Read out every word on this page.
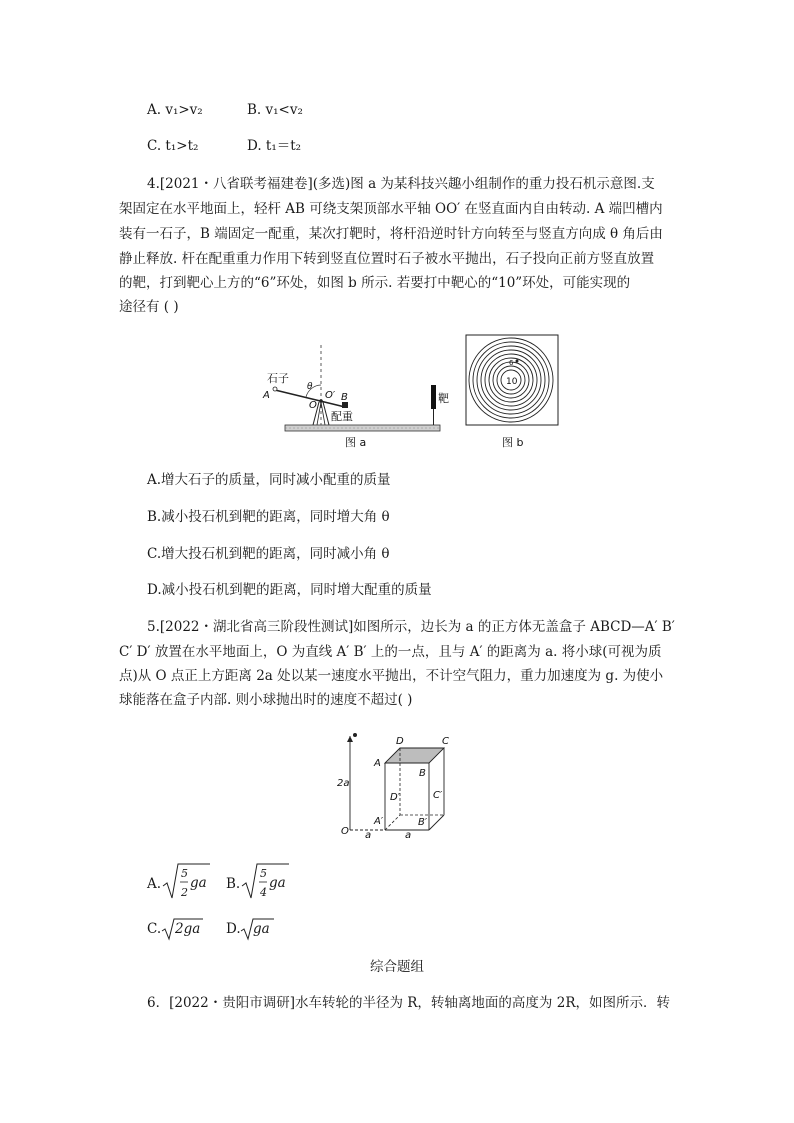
A. v₁>v₂	B. v₁<v₂
C. t₁>t₂	D. t₁＝t₂
4.[2021・八省联考福建卷](多选)图 a 为某科技兴趣小组制作的重力投石机示意图.支
架固定在水平地面上，轻杆 AB 可绕支架顶部水平轴 OO′ 在竖直面内自由转动. A 端凹槽内
装有一石子，B 端固定一配重，某次打靶时，将杆沿逆时针方向转至与竖直方向成 θ 角后由
静止释放. 杆在配重重力作用下转到竖直位置时石子被水平抛出，石子投向正前方竖直放置
的靶，打到靶心上方的“6”环处，如图 b 所示. 若要打中靶心的“10”环处，可能实现的
途径有 ( )
石子
A
θ
O
O′ B
配重
靶
图 a
6
10
图 b
A.增大石子的质量，同时减小配重的质量
B.减小投石机到靶的距离，同时增大角 θ
C.增大投石机到靶的距离，同时减小角 θ
D.减小投石机到靶的距离，同时增大配重的质量
5.[2022・湖北省高三阶段性测试]如图所示，边长为 a 的正方体无盖盒子 ABCD—A′ B′
C′ D′ 放置在水平地面上，O 为直线 A′ B′ 上的一点，且与 A′ 的距离为 a. 将小球(可视为质
点)从 O 点正上方距离 2a 处以某一速度水平抛出，不计空气阻力，重力加速度为 g. 为使小
球能落在盒子内部. 则小球抛出时的速度不超过( )
D	C
A
B
D′	C′
A′	B′
O
2a
a	a
A.
5
2
ga B.
5
4
ga
C. 2ga D. ga
综合题组
6．[2022・贵阳市调研]水车转轮的半径为 R，转轴离地面的高度为 2R，如图所示．转
